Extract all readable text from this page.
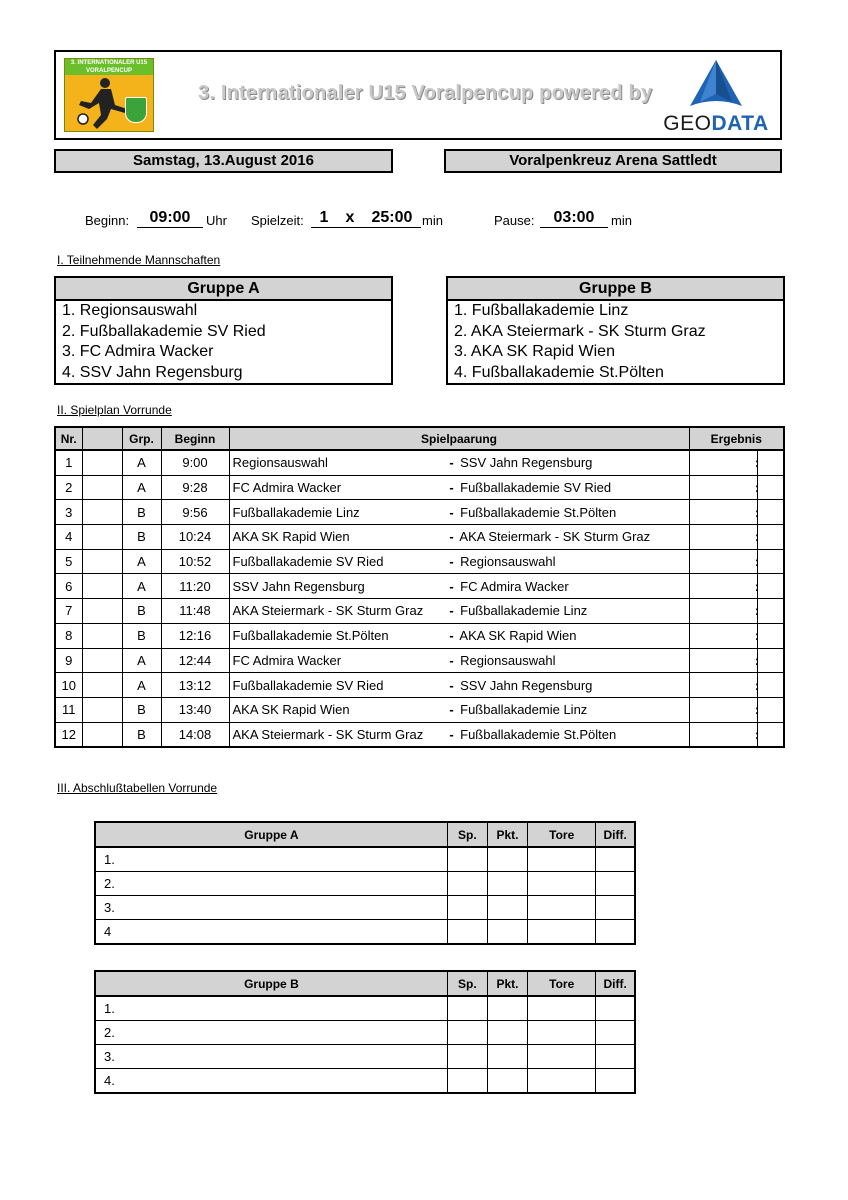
3. INTERNATIONALER U15 VORALPENCUP
3. Internationaler U15 Voralpencup powered by
GEODATA
Samstag, 13.August 2016	Voralpenkreuz Arena Sattledt
Beginn:	09:00	Uhr Spielzeit: 1 x 25:00 min	Pause:	03:00	min
I. Teilnehmende Mannschaften
Gruppe A
1. Regionsauswahl
2. Fußballakademie SV Ried
3. FC Admira Wacker
4. SSV Jahn Regensburg
Gruppe B
1. Fußballakademie Linz
2. AKA Steiermark - SK Sturm Graz
3. AKA SK Rapid Wien
4. Fußballakademie St.Pölten
II. Spielplan Vorrunde
Nr.		Grp.	Beginn	Spielpaarung	Ergebnis	
1		A	9:00	Regionsauswahl - SSV Jahn Regensburg	:	
2		A	9:28	FC Admira Wacker - Fußballakademie SV Ried	:	
3		B	9:56	Fußballakademie Linz - Fußballakademie St.Pölten	:	
4		B	10:24	AKA SK Rapid Wien - AKA Steiermark - SK Sturm Graz	:	
5		A	10:52	Fußballakademie SV Ried - Regionsauswahl	:	
6		A	11:20	SSV Jahn Regensburg - FC Admira Wacker	:	
7		B	11:48	AKA Steiermark - SK Sturm Graz - Fußballakademie Linz	:	
8		B	12:16	Fußballakademie St.Pölten - AKA SK Rapid Wien	:	
9		A	12:44	FC Admira Wacker - Regionsauswahl	:	
10		A	13:12	Fußballakademie SV Ried - SSV Jahn Regensburg	:	
11		B	13:40	AKA SK Rapid Wien - Fußballakademie Linz	:	
12		B	14:08	AKA Steiermark - SK Sturm Graz - Fußballakademie St.Pölten	:	
III. Abschlußtabellen Vorrunde
Gruppe A	Sp.	Pkt.	Tore	Diff.
1.				
2.				
3.				
4				
Gruppe B	Sp.	Pkt.	Tore	Diff.
1.				
2.				
3.				
4.				
